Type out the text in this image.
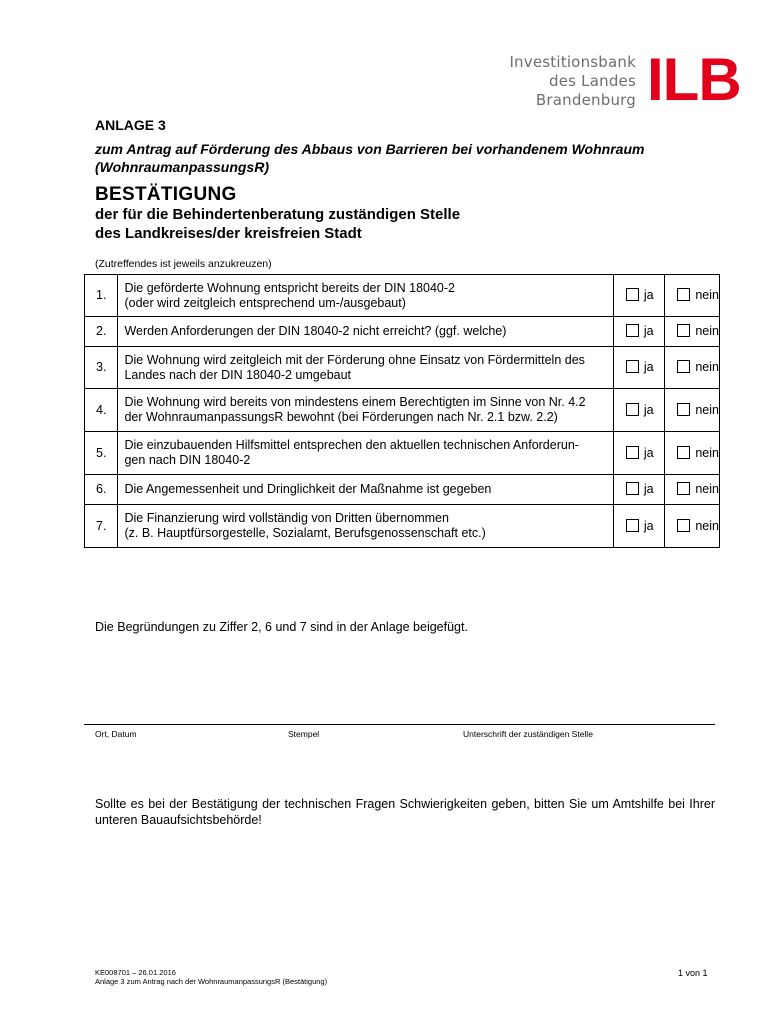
Investitionsbank
des Landes
Brandenburg ILB
ANLAGE 3
zum Antrag auf Förderung des Abbaus von Barrieren bei vorhandenem Wohnraum
(WohnraumanpassungsR)
BESTÄTIGUNG
der für die Behindertenberatung zuständigen Stelle
des Landkreises/der kreisfreien Stadt
(Zutreffendes ist jeweils anzukreuzen)
1.	Die geförderte Wohnung entspricht bereits der DIN 18040-2
(oder wird zeitgleich entsprechend um-/ausgebaut)	ja	nein
2.	Werden Anforderungen der DIN 18040-2 nicht erreicht? (ggf. welche)	ja	nein
3.	Die Wohnung wird zeitgleich mit der Förderung ohne Einsatz von Fördermitteln des
Landes nach der DIN 18040-2 umgebaut	ja	nein
4.	Die Wohnung wird bereits von mindestens einem Berechtigten im Sinne von Nr. 4.2
der WohnraumanpassungsR bewohnt (bei Förderungen nach Nr. 2.1 bzw. 2.2)	ja	nein
5.	Die einzubauenden Hilfsmittel entsprechen den aktuellen technischen Anforderun-
gen nach DIN 18040-2	ja	nein
6.	Die Angemessenheit und Dringlichkeit der Maßnahme ist gegeben	ja	nein
7.	Die Finanzierung wird vollständig von Dritten übernommen
(z. B. Hauptfürsorgestelle, Sozialamt, Berufsgenossenschaft etc.)	ja	nein
Die Begründungen zu Ziffer 2, 6 und 7 sind in der Anlage beigefügt.
Ort, Datum	Stempel	Unterschrift der zuständigen Stelle
Sollte es bei der Bestätigung der technischen Fragen Schwierigkeiten geben, bitten Sie um Amtshilfe bei Ihrer unteren Bauaufsichtsbehörde!
KE008701 – 26.01.2016
Anlage 3 zum Antrag nach der WohnraumanpassungsR (Bestätigung)
1 von 1
